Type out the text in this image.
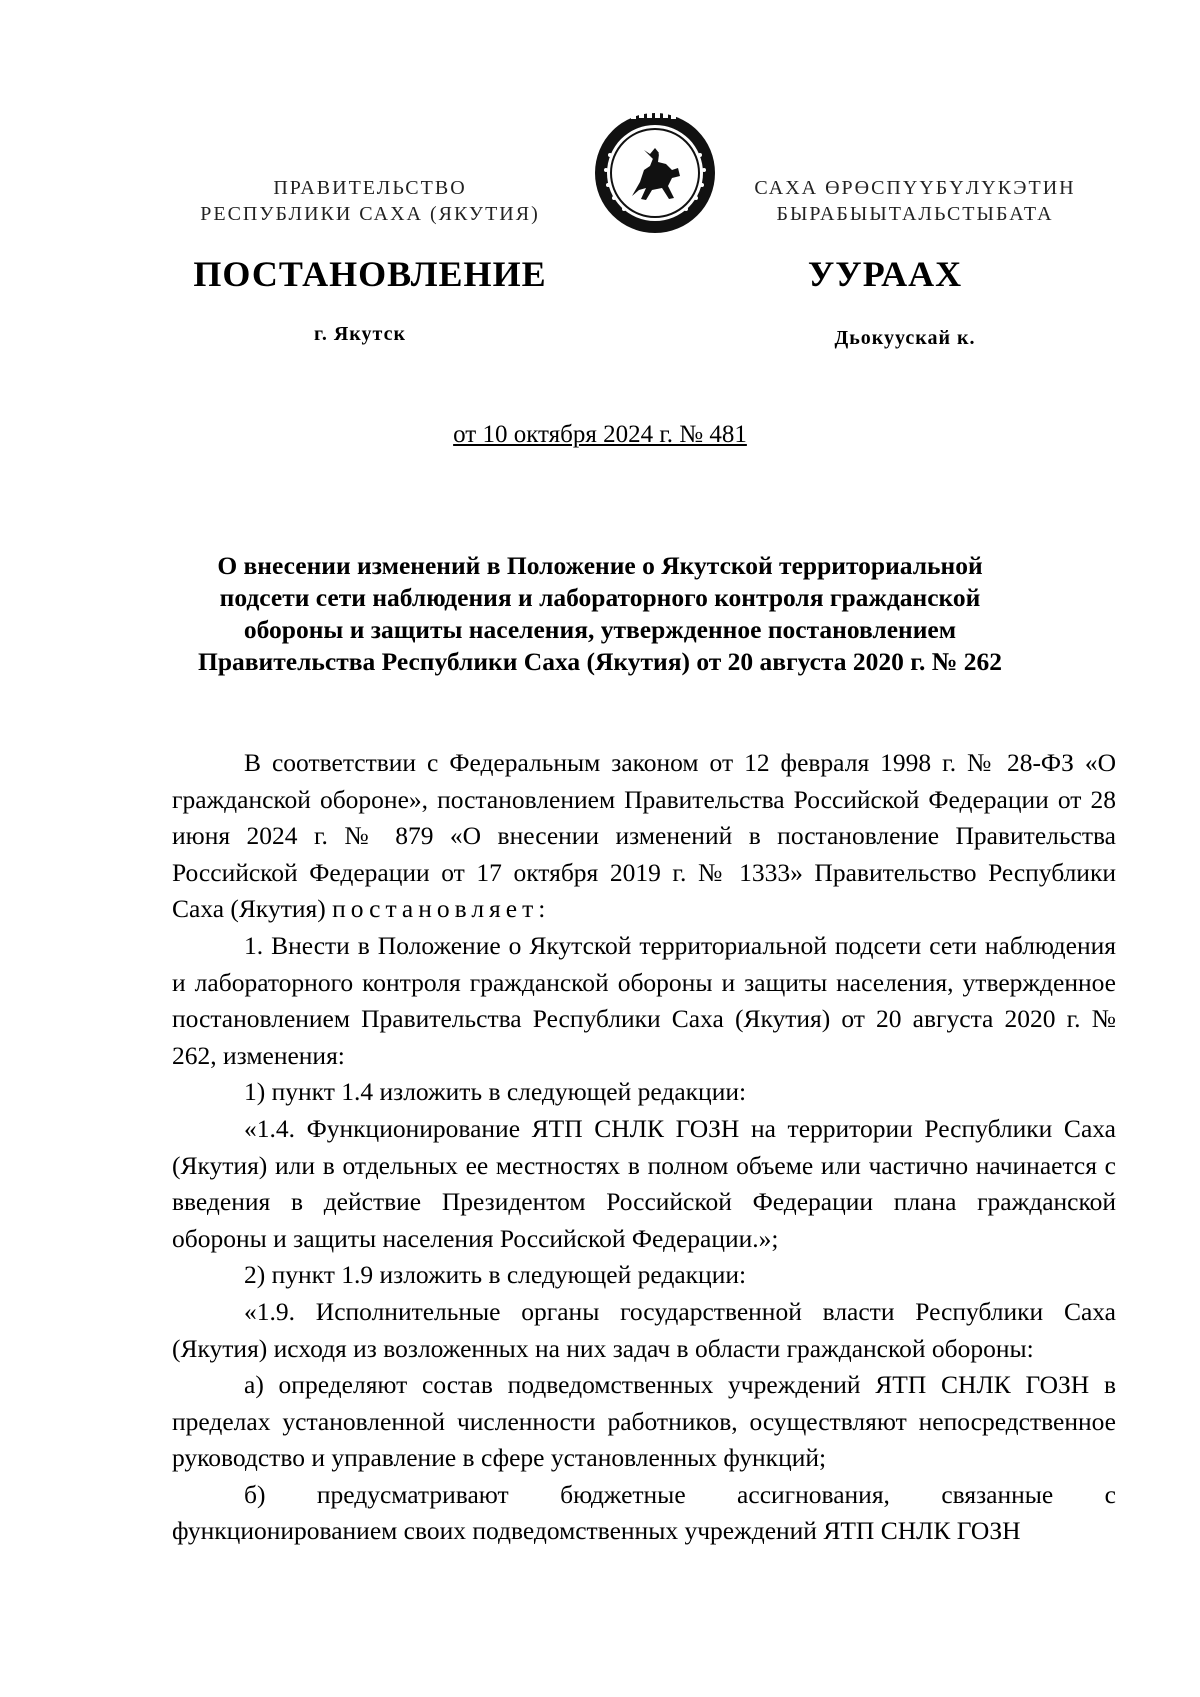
ПРАВИТЕЛЬСТВО
РЕСПУБЛИКИ САХА (ЯКУТИЯ)
САХА ӨРӨСПҮҮБҮЛҮКЭТИН
БЫРАБЫЫТАЛЬСТЫБАТА
ПОСТАНОВЛЕНИЕ	УУРААХ
г. Якутск	Дьокуускай к.
от 10 октября 2024 г. № 481
О внесении изменений в Положение о Якутской территориальной
подсети сети наблюдения и лабораторного контроля гражданской
обороны и защиты населения, утвержденное постановлением
Правительства Республики Саха (Якутия) от 20 августа 2020 г. № 262

В соответствии с Федеральным законом от 12 февраля 1998 г. № 28-ФЗ «О гражданской обороне», постановлением Правительства Российской Федерации от 28 июня 2024 г. № 879 «О внесении изменений в постановление Правительства Российской Федерации от 17 октября 2019 г. № 1333» Правительство Республики Саха (Якутия) постановляет:

1. Внести в Положение о Якутской территориальной подсети сети наблюдения и лабораторного контроля гражданской обороны и защиты населения, утвержденное постановлением Правительства Республики Саха (Якутия) от 20 августа 2020 г. № 262, изменения:

1) пункт 1.4 изложить в следующей редакции:

«1.4. Функционирование ЯТП СНЛК ГОЗН на территории Республики Саха (Якутия) или в отдельных ее местностях в полном объеме или частично начинается с введения в действие Президентом Российской Федерации плана гражданской обороны и защиты населения Российской Федерации.»;

2) пункт 1.9 изложить в следующей редакции:

«1.9. Исполнительные органы государственной власти Республики Саха (Якутия) исходя из возложенных на них задач в области гражданской обороны:

а) определяют состав подведомственных учреждений ЯТП СНЛК ГОЗН в пределах установленной численности работников, осуществляют непосредственное руководство и управление в сфере установленных функций;

б) предусматривают бюджетные ассигнования, связанные с функционированием своих подведомственных учреждений ЯТП СНЛК ГОЗН
